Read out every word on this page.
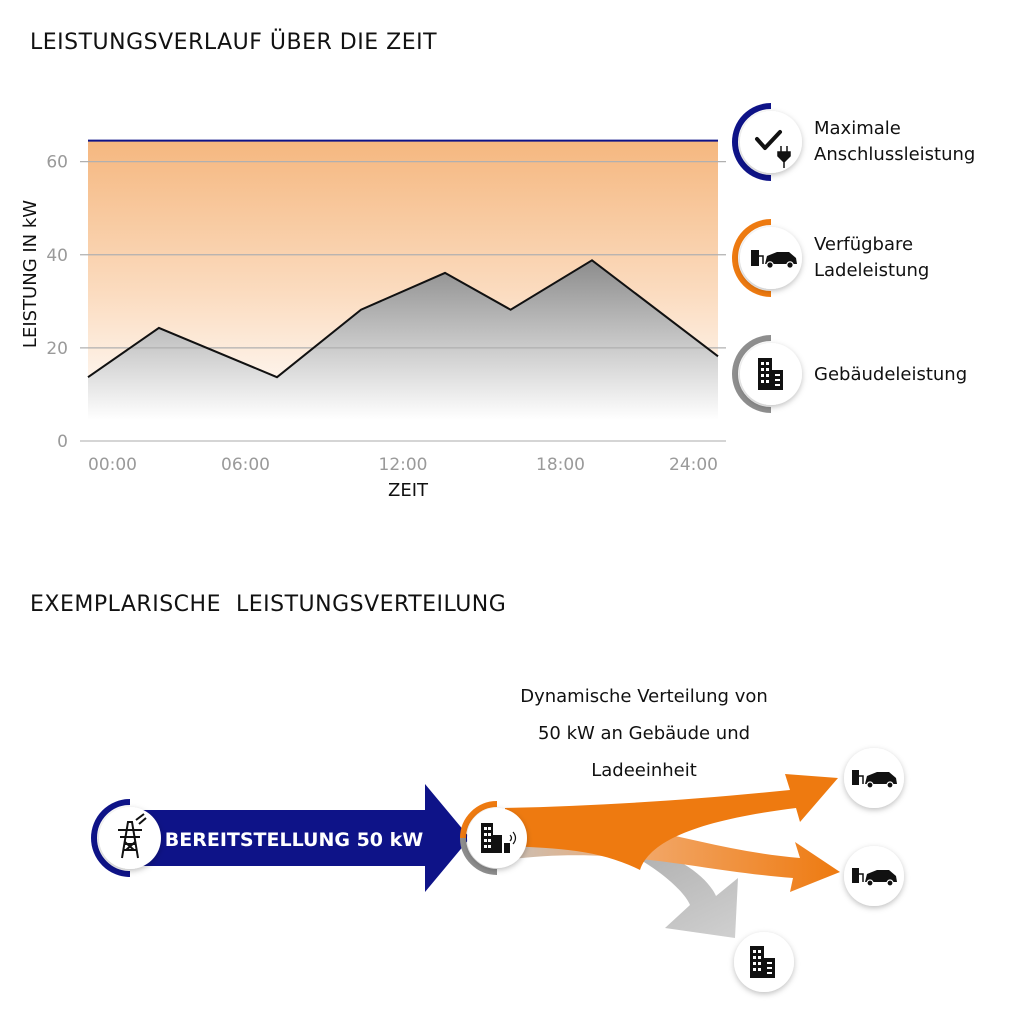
LEISTUNGSVERLAUF ÜBER DIE ZEIT
EXEMPLARISCHE  LEISTUNGSVERTEILUNG
0
20
40
60
00:00	06:00	12:00	18:00	24:00
ZEIT
LEISTUNG IN kW
BEREITSTELLUNG 50 kW
Maximale
Anschlussleistung
Verfügbare
Ladeleistung
Gebäudeleistung
Dynamische Verteilung von
50 kW an Gebäude und
Ladeeinheit
